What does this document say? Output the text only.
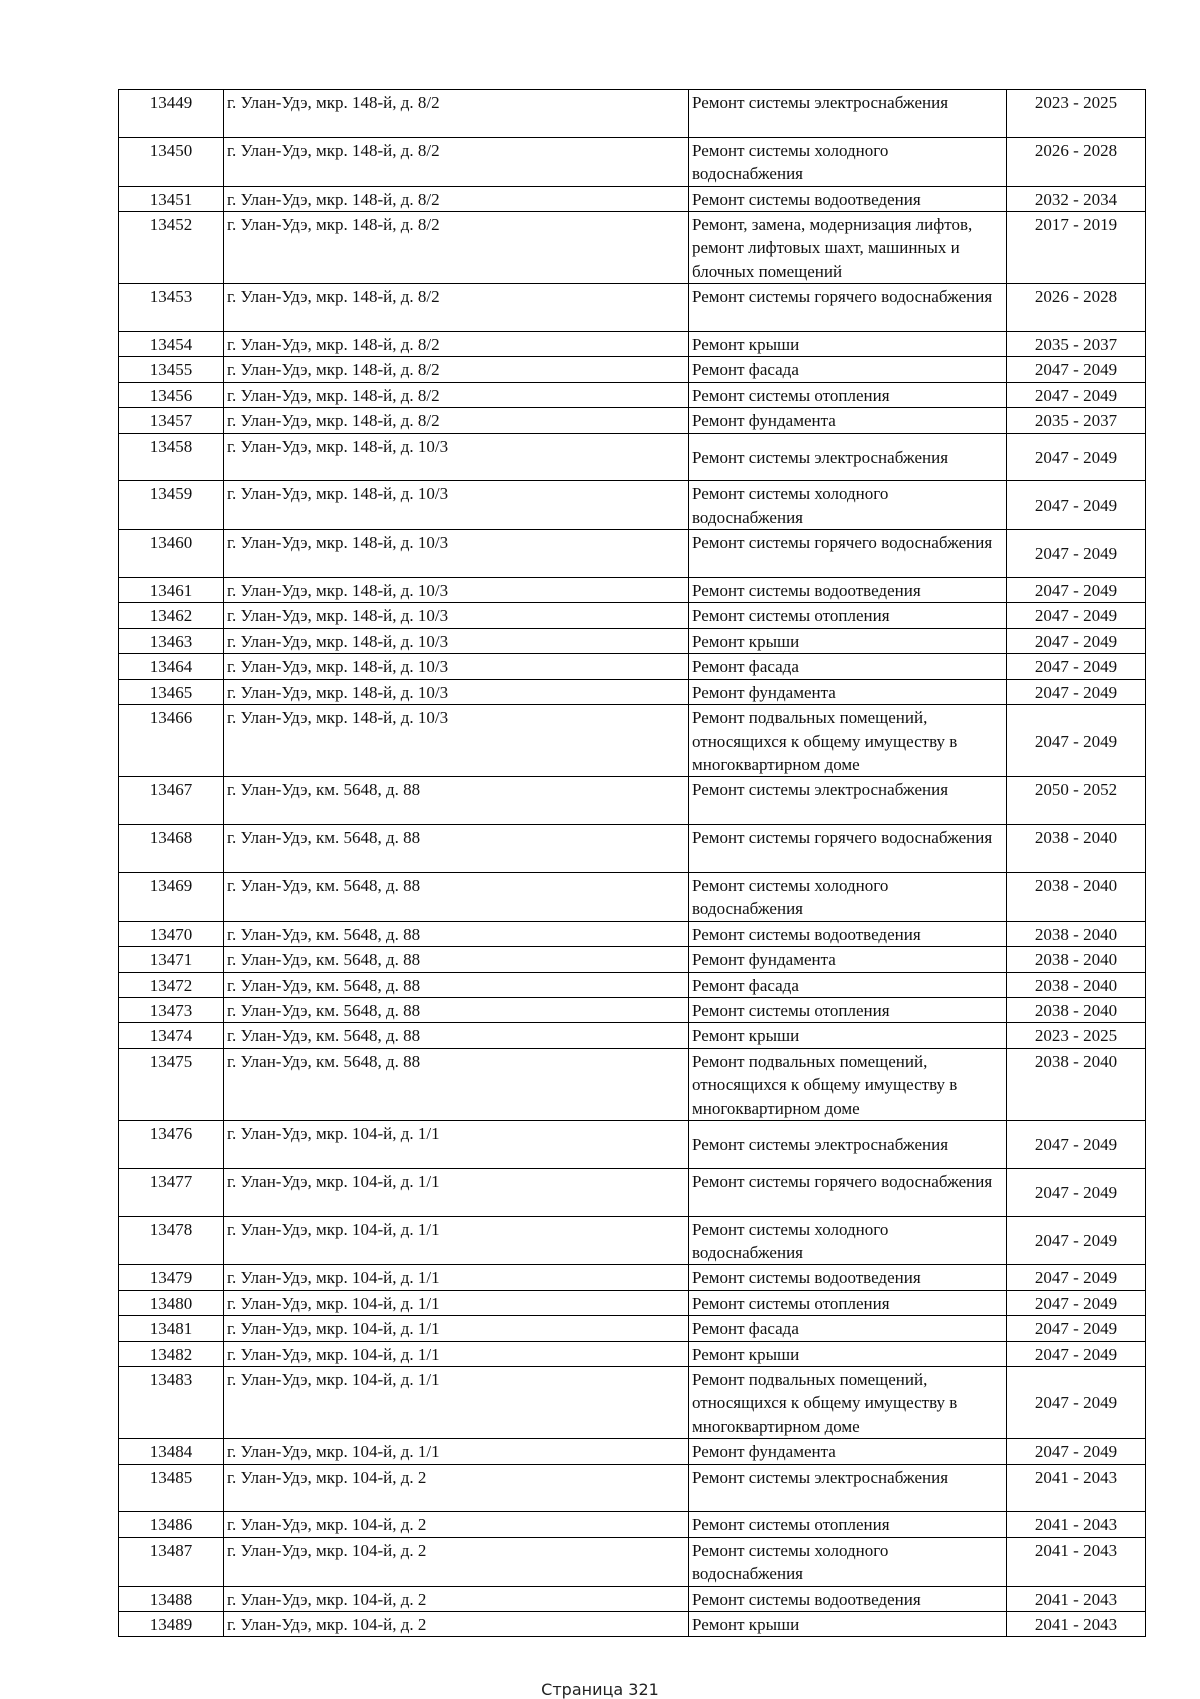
13449	г. Улан-Удэ, мкр. 148-й, д. 8/2	Ремонт системы электроснабжения	2023 - 2025
13450	г. Улан-Удэ, мкр. 148-й, д. 8/2	Ремонт системы холодного водоснабжения	2026 - 2028
13451	г. Улан-Удэ, мкр. 148-й, д. 8/2	Ремонт системы водоотведения	2032 - 2034
13452	г. Улан-Удэ, мкр. 148-й, д. 8/2	Ремонт, замена, модернизация лифтов, ремонт лифтовых шахт, машинных и блочных помещений	2017 - 2019
13453	г. Улан-Удэ, мкр. 148-й, д. 8/2	Ремонт системы горячего водоснабжения	2026 - 2028
13454	г. Улан-Удэ, мкр. 148-й, д. 8/2	Ремонт крыши	2035 - 2037
13455	г. Улан-Удэ, мкр. 148-й, д. 8/2	Ремонт фасада	2047 - 2049
13456	г. Улан-Удэ, мкр. 148-й, д. 8/2	Ремонт системы отопления	2047 - 2049
13457	г. Улан-Удэ, мкр. 148-й, д. 8/2	Ремонт фундамента	2035 - 2037
13458	г. Улан-Удэ, мкр. 148-й, д. 10/3	Ремонт системы электроснабжения	2047 - 2049
13459	г. Улан-Удэ, мкр. 148-й, д. 10/3	Ремонт системы холодного водоснабжения	2047 - 2049
13460	г. Улан-Удэ, мкр. 148-й, д. 10/3	Ремонт системы горячего водоснабжения	2047 - 2049
13461	г. Улан-Удэ, мкр. 148-й, д. 10/3	Ремонт системы водоотведения	2047 - 2049
13462	г. Улан-Удэ, мкр. 148-й, д. 10/3	Ремонт системы отопления	2047 - 2049
13463	г. Улан-Удэ, мкр. 148-й, д. 10/3	Ремонт крыши	2047 - 2049
13464	г. Улан-Удэ, мкр. 148-й, д. 10/3	Ремонт фасада	2047 - 2049
13465	г. Улан-Удэ, мкр. 148-й, д. 10/3	Ремонт фундамента	2047 - 2049
13466	г. Улан-Удэ, мкр. 148-й, д. 10/3	Ремонт подвальных помещений, относящихся к общему имуществу в многоквартирном доме	2047 - 2049
13467	г. Улан-Удэ, км. 5648, д. 88	Ремонт системы электроснабжения	2050 - 2052
13468	г. Улан-Удэ, км. 5648, д. 88	Ремонт системы горячего водоснабжения	2038 - 2040
13469	г. Улан-Удэ, км. 5648, д. 88	Ремонт системы холодного водоснабжения	2038 - 2040
13470	г. Улан-Удэ, км. 5648, д. 88	Ремонт системы водоотведения	2038 - 2040
13471	г. Улан-Удэ, км. 5648, д. 88	Ремонт фундамента	2038 - 2040
13472	г. Улан-Удэ, км. 5648, д. 88	Ремонт фасада	2038 - 2040
13473	г. Улан-Удэ, км. 5648, д. 88	Ремонт системы отопления	2038 - 2040
13474	г. Улан-Удэ, км. 5648, д. 88	Ремонт крыши	2023 - 2025
13475	г. Улан-Удэ, км. 5648, д. 88	Ремонт подвальных помещений, относящихся к общему имуществу в многоквартирном доме	2038 - 2040
13476	г. Улан-Удэ, мкр. 104-й, д. 1/1	Ремонт системы электроснабжения	2047 - 2049
13477	г. Улан-Удэ, мкр. 104-й, д. 1/1	Ремонт системы горячего водоснабжения	2047 - 2049
13478	г. Улан-Удэ, мкр. 104-й, д. 1/1	Ремонт системы холодного водоснабжения	2047 - 2049
13479	г. Улан-Удэ, мкр. 104-й, д. 1/1	Ремонт системы водоотведения	2047 - 2049
13480	г. Улан-Удэ, мкр. 104-й, д. 1/1	Ремонт системы отопления	2047 - 2049
13481	г. Улан-Удэ, мкр. 104-й, д. 1/1	Ремонт фасада	2047 - 2049
13482	г. Улан-Удэ, мкр. 104-й, д. 1/1	Ремонт крыши	2047 - 2049
13483	г. Улан-Удэ, мкр. 104-й, д. 1/1	Ремонт подвальных помещений, относящихся к общему имуществу в многоквартирном доме	2047 - 2049
13484	г. Улан-Удэ, мкр. 104-й, д. 1/1	Ремонт фундамента	2047 - 2049
13485	г. Улан-Удэ, мкр. 104-й, д. 2	Ремонт системы электроснабжения	2041 - 2043
13486	г. Улан-Удэ, мкр. 104-й, д. 2	Ремонт системы отопления	2041 - 2043
13487	г. Улан-Удэ, мкр. 104-й, д. 2	Ремонт системы холодного водоснабжения	2041 - 2043
13488	г. Улан-Удэ, мкр. 104-й, д. 2	Ремонт системы водоотведения	2041 - 2043
13489	г. Улан-Удэ, мкр. 104-й, д. 2	Ремонт крыши	2041 - 2043
Страница 321
